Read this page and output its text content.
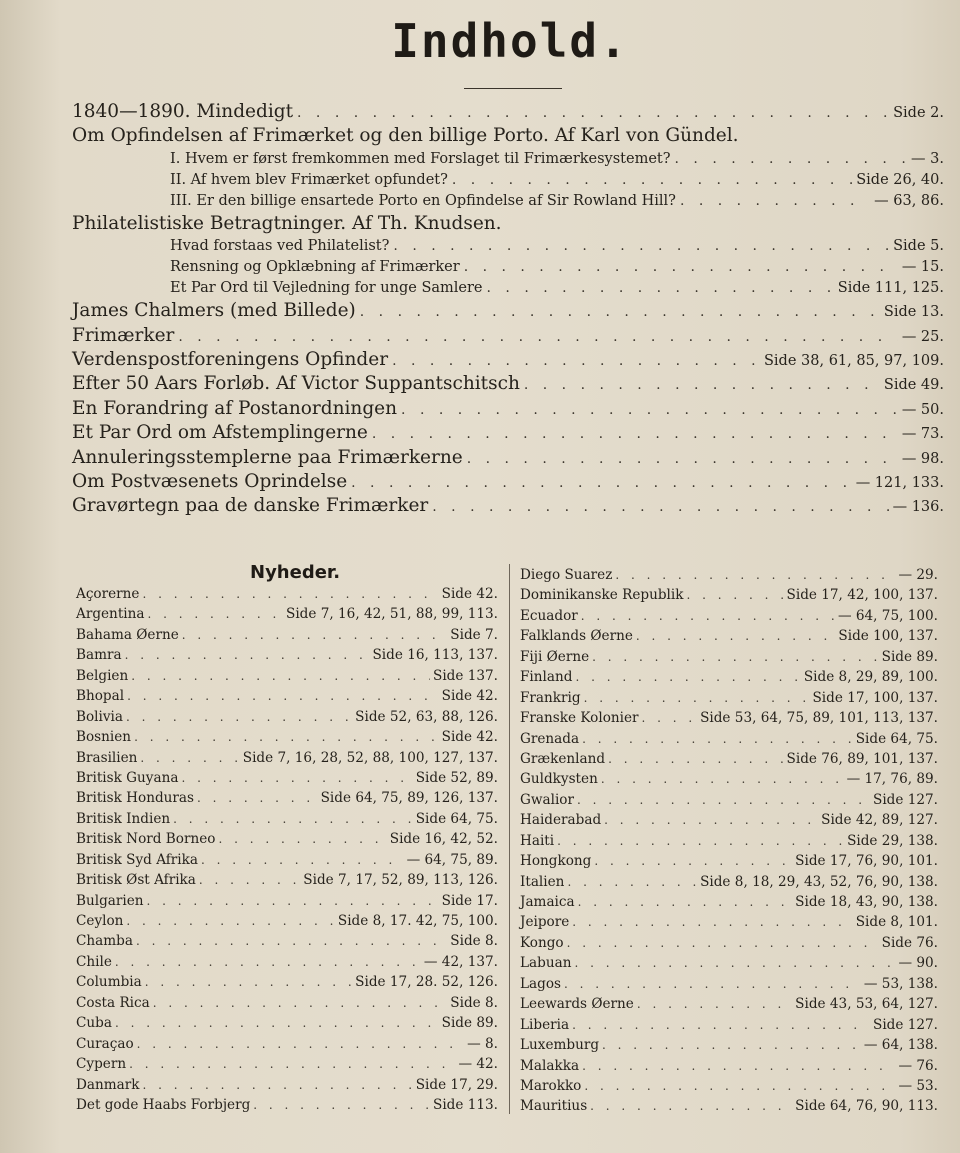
Indhold.
1840—1890. Mindedigt . . .	Side 2.
Om Opfindelsen af Frimærket og den billige Porto. Af Karl von Gündel.
I. Hvem er først fremkommen med Forslaget til Frimærkesystemet? . . .	— 3.
II. Af hvem blev Frimærket opfundet? . . .	Side 26, 40.
III. Er den billige ensartede Porto en Opfindelse af Sir Rowland Hill? . . .	— 63, 86.
Philatelistiske Betragtninger. Af Th. Knudsen.
Hvad forstaas ved Philatelist? . . .	Side 5.
Rensning og Opklæbning af Frimærker . . .	— 15.
Et Par Ord til Vejledning for unge Samlere . . .	Side 111, 125.
James Chalmers (med Billede) . . .	Side 13.
Frimærker . . .	— 25.
Verdenspostforeningens Opfinder . . .	Side 38, 61, 85, 97, 109.
Efter 50 Aars Forløb. Af Victor Suppantschitsch . . .	Side 49.
En Forandring af Postanordningen . . .	— 50.
Et Par Ord om Afstemplingerne . . .	— 73.
Annuleringsstemplerne paa Frimærkerne . . .	— 98.
Om Postvæsenets Oprindelse . . .	— 121, 133.
Gravørtegn paa de danske Frimærker . . .	— 136.
Nyheder.
Açorerne . . .	Side 42.
Argentina . . .	Side 7, 16, 42, 51, 88, 99, 113.
Bahama Øerne . . .	Side 7.
Bamra . . .	Side 16, 113, 137.
Belgien . . .	Side 137.
Bhopal . . .	Side 42.
Bolivia . . .	Side 52, 63, 88, 126.
Bosnien . . .	Side 42.
Brasilien . . .	Side 7, 16, 28, 52, 88, 100, 127, 137.
Britisk Guyana . . .	Side 52, 89.
Britisk Honduras . . .	Side 64, 75, 89, 126, 137.
Britisk Indien . . .	Side 64, 75.
Britisk Nord Borneo . . .	Side 16, 42, 52.
Britisk Syd Afrika . . .	— 64, 75, 89.
Britisk Øst Afrika . . .	Side 7, 17, 52, 89, 113, 126.
Bulgarien . . .	Side 17.
Ceylon . . .	Side 8, 17. 42, 75, 100.
Chamba . . .	Side 8.
Chile . . .	— 42, 137.
Columbia . . .	Side 17, 28. 52, 126.
Costa Rica . . .	Side 8.
Cuba . . .	Side 89.
Curaçao . . .	— 8.
Cypern . . .	— 42.
Danmark . . .	Side 17, 29.
Det gode Haabs Forbjerg . . .	Side 113.
Diego Suarez . . .	— 29.
Dominikanske Republik . . .	Side 17, 42, 100, 137.
Ecuador . . .	— 64, 75, 100.
Falklands Øerne . . .	Side 100, 137.
Fiji Øerne . . .	Side 89.
Finland . . .	Side 8, 29, 89, 100.
Frankrig . . .	Side 17, 100, 137.
Franske Kolonier . . .	Side 53, 64, 75, 89, 101, 113, 137.
Grenada . . .	Side 64, 75.
Grækenland . . .	Side 76, 89, 101, 137.
Guldkysten . . .	— 17, 76, 89.
Gwalior . . .	Side 127.
Haiderabad . . .	Side 42, 89, 127.
Haiti . . .	Side 29, 138.
Hongkong . . .	Side 17, 76, 90, 101.
Italien . . .	Side 8, 18, 29, 43, 52, 76, 90, 138.
Jamaica . . .	Side 18, 43, 90, 138.
Jeipore . . .	Side 8, 101.
Kongo . . .	Side 76.
Labuan . . .	— 90.
Lagos . . .	— 53, 138.
Leewards Øerne . . .	Side 43, 53, 64, 127.
Liberia . . .	Side 127.
Luxemburg . . .	— 64, 138.
Malakka . . .	— 76.
Marokko . . .	— 53.
Mauritius . . .	Side 64, 76, 90, 113.
